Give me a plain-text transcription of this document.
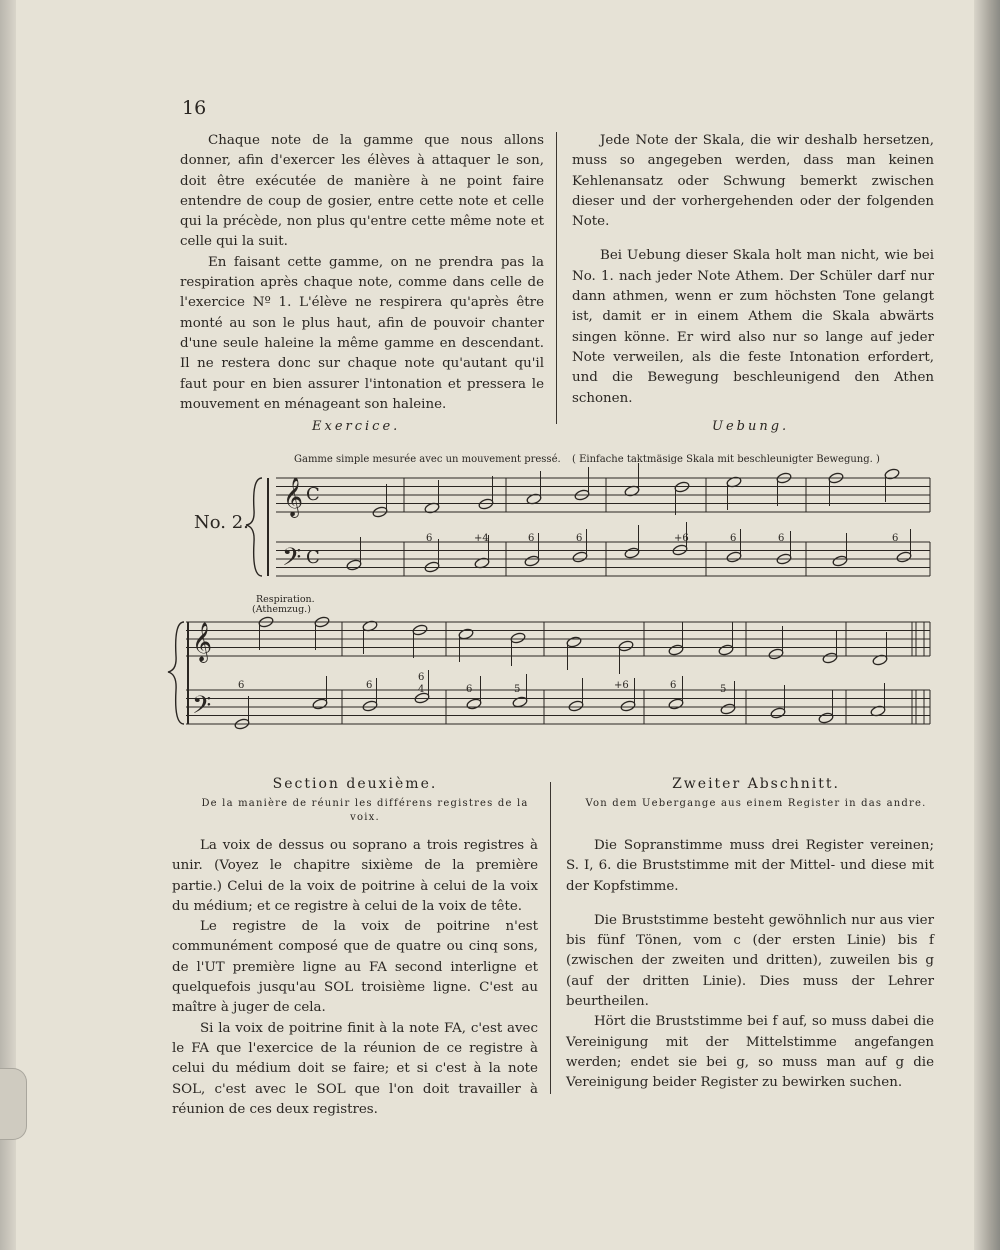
16

Chaque note de la gamme que nous allons donner, afin d'exercer les élèves à attaquer le son, doit être exécutée de manière à ne point faire entendre de coup de gosier, entre cette note et celle qui la précède, non plus qu'entre cette même note et celle qui la suit.

En faisant cette gamme, on ne prendra pas la respiration après chaque note, comme dans celle de l'exercice Nº 1. L'élève ne respirera qu'après être monté au son le plus haut, afin de pouvoir chanter d'une seule haleine la même gamme en descendant. Il ne restera donc sur chaque note qu'autant qu'il faut pour en bien assurer l'intonation et pressera le mouvement en ménageant son haleine.

Jede Note der Skala, die wir deshalb hersetzen, muss so angegeben werden, dass man keinen Kehlenansatz oder Schwung bemerkt zwischen dieser und der vorhergehenden oder der folgenden Note.

Bei Uebung dieser Skala holt man nicht, wie bei No. 1. nach jeder Note Athem. Der Schüler darf nur dann athmen, wenn er zum höchsten Tone gelangt ist, damit er in einem Athem die Skala abwärts singen könne. Er wird also nur so lange auf jeder Note verweilen, als die feste Intonation erfordert, und die Bewegung beschleunigend den Athen schonen.

Exercice.	Uebung.
Gamme simple mesurée avec un mouvement pressé. ( Einfache taktmäsige Skala mit beschleunigter Bewegung. )
No. 2.
Respiration.
(Athemzug.)
𝄞
𝄢
C
C
6	+4	6	6	+6	6	6	6
𝄞
𝄢
6	6
6
4	6	5	+6	6	5
Section deuxième.
De la manière de réunir les différens registres de la voix.

La voix de dessus ou soprano a trois registres à unir. (Voyez le chapitre sixième de la première partie.) Celui de la voix de poitrine à celui de la voix du médium; et ce registre à celui de la voix de tête.

Le registre de la voix de poitrine n'est communément composé que de quatre ou cinq sons, de l'UT première ligne au FA second interligne et quelquefois jusqu'au SOL troisième ligne. C'est au maître à juger de cela.

Si la voix de poitrine finit à la note FA, c'est avec le FA que l'exercice de la réunion de ce registre à celui du médium doit se faire; et si c'est à la note SOL, c'est avec le SOL que l'on doit travailler à réunion de ces deux registres.

Zweiter Abschnitt.
Von dem Uebergange aus einem Register in das andre.

Die Sopranstimme muss drei Register vereinen; S. I, 6. die Bruststimme mit der Mittel- und diese mit der Kopfstimme.

Die Bruststimme besteht gewöhnlich nur aus vier bis fünf Tönen, vom c (der ersten Linie) bis f (zwischen der zweiten und dritten), zuweilen bis g (auf der dritten Linie). Dies muss der Lehrer beurtheilen.

Hört die Bruststimme bei f auf, so muss dabei die Vereinigung mit der Mittelstimme angefangen werden; endet sie bei g, so muss man auf g die Vereinigung beider Register zu bewirken suchen.
